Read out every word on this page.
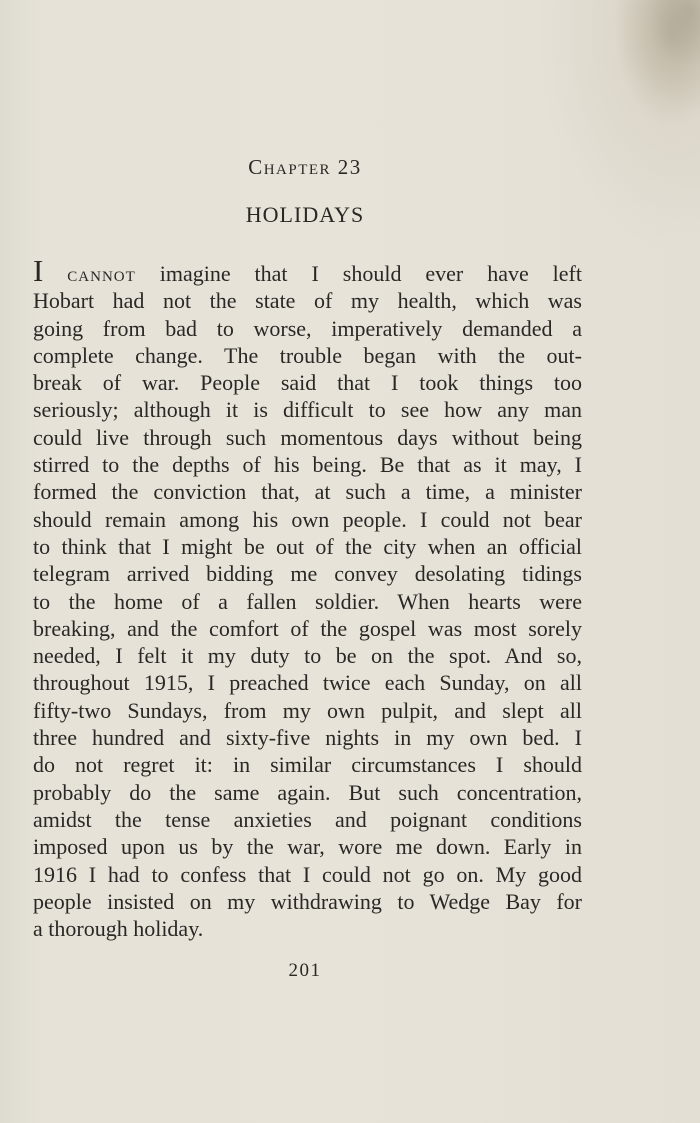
Chapter 23
HOLIDAYS
I cannot imagine that I should ever have left
Hobart had not the state of my health, which was
going from bad to worse, imperatively demanded a
complete change. The trouble began with the out-
break of war. People said that I took things too
seriously; although it is difficult to see how any man
could live through such momentous days without being
stirred to the depths of his being. Be that as it may, I
formed the conviction that, at such a time, a minister
should remain among his own people. I could not bear
to think that I might be out of the city when an official
telegram arrived bidding me convey desolating tidings
to the home of a fallen soldier. When hearts were
breaking, and the comfort of the gospel was most sorely
needed, I felt it my duty to be on the spot. And so,
throughout 1915, I preached twice each Sunday, on all
fifty-two Sundays, from my own pulpit, and slept all
three hundred and sixty-five nights in my own bed. I
do not regret it: in similar circumstances I should
probably do the same again. But such concentration,
amidst the tense anxieties and poignant conditions
imposed upon us by the war, wore me down. Early in
1916 I had to confess that I could not go on. My good
people insisted on my withdrawing to Wedge Bay for
a thorough holiday.
201
